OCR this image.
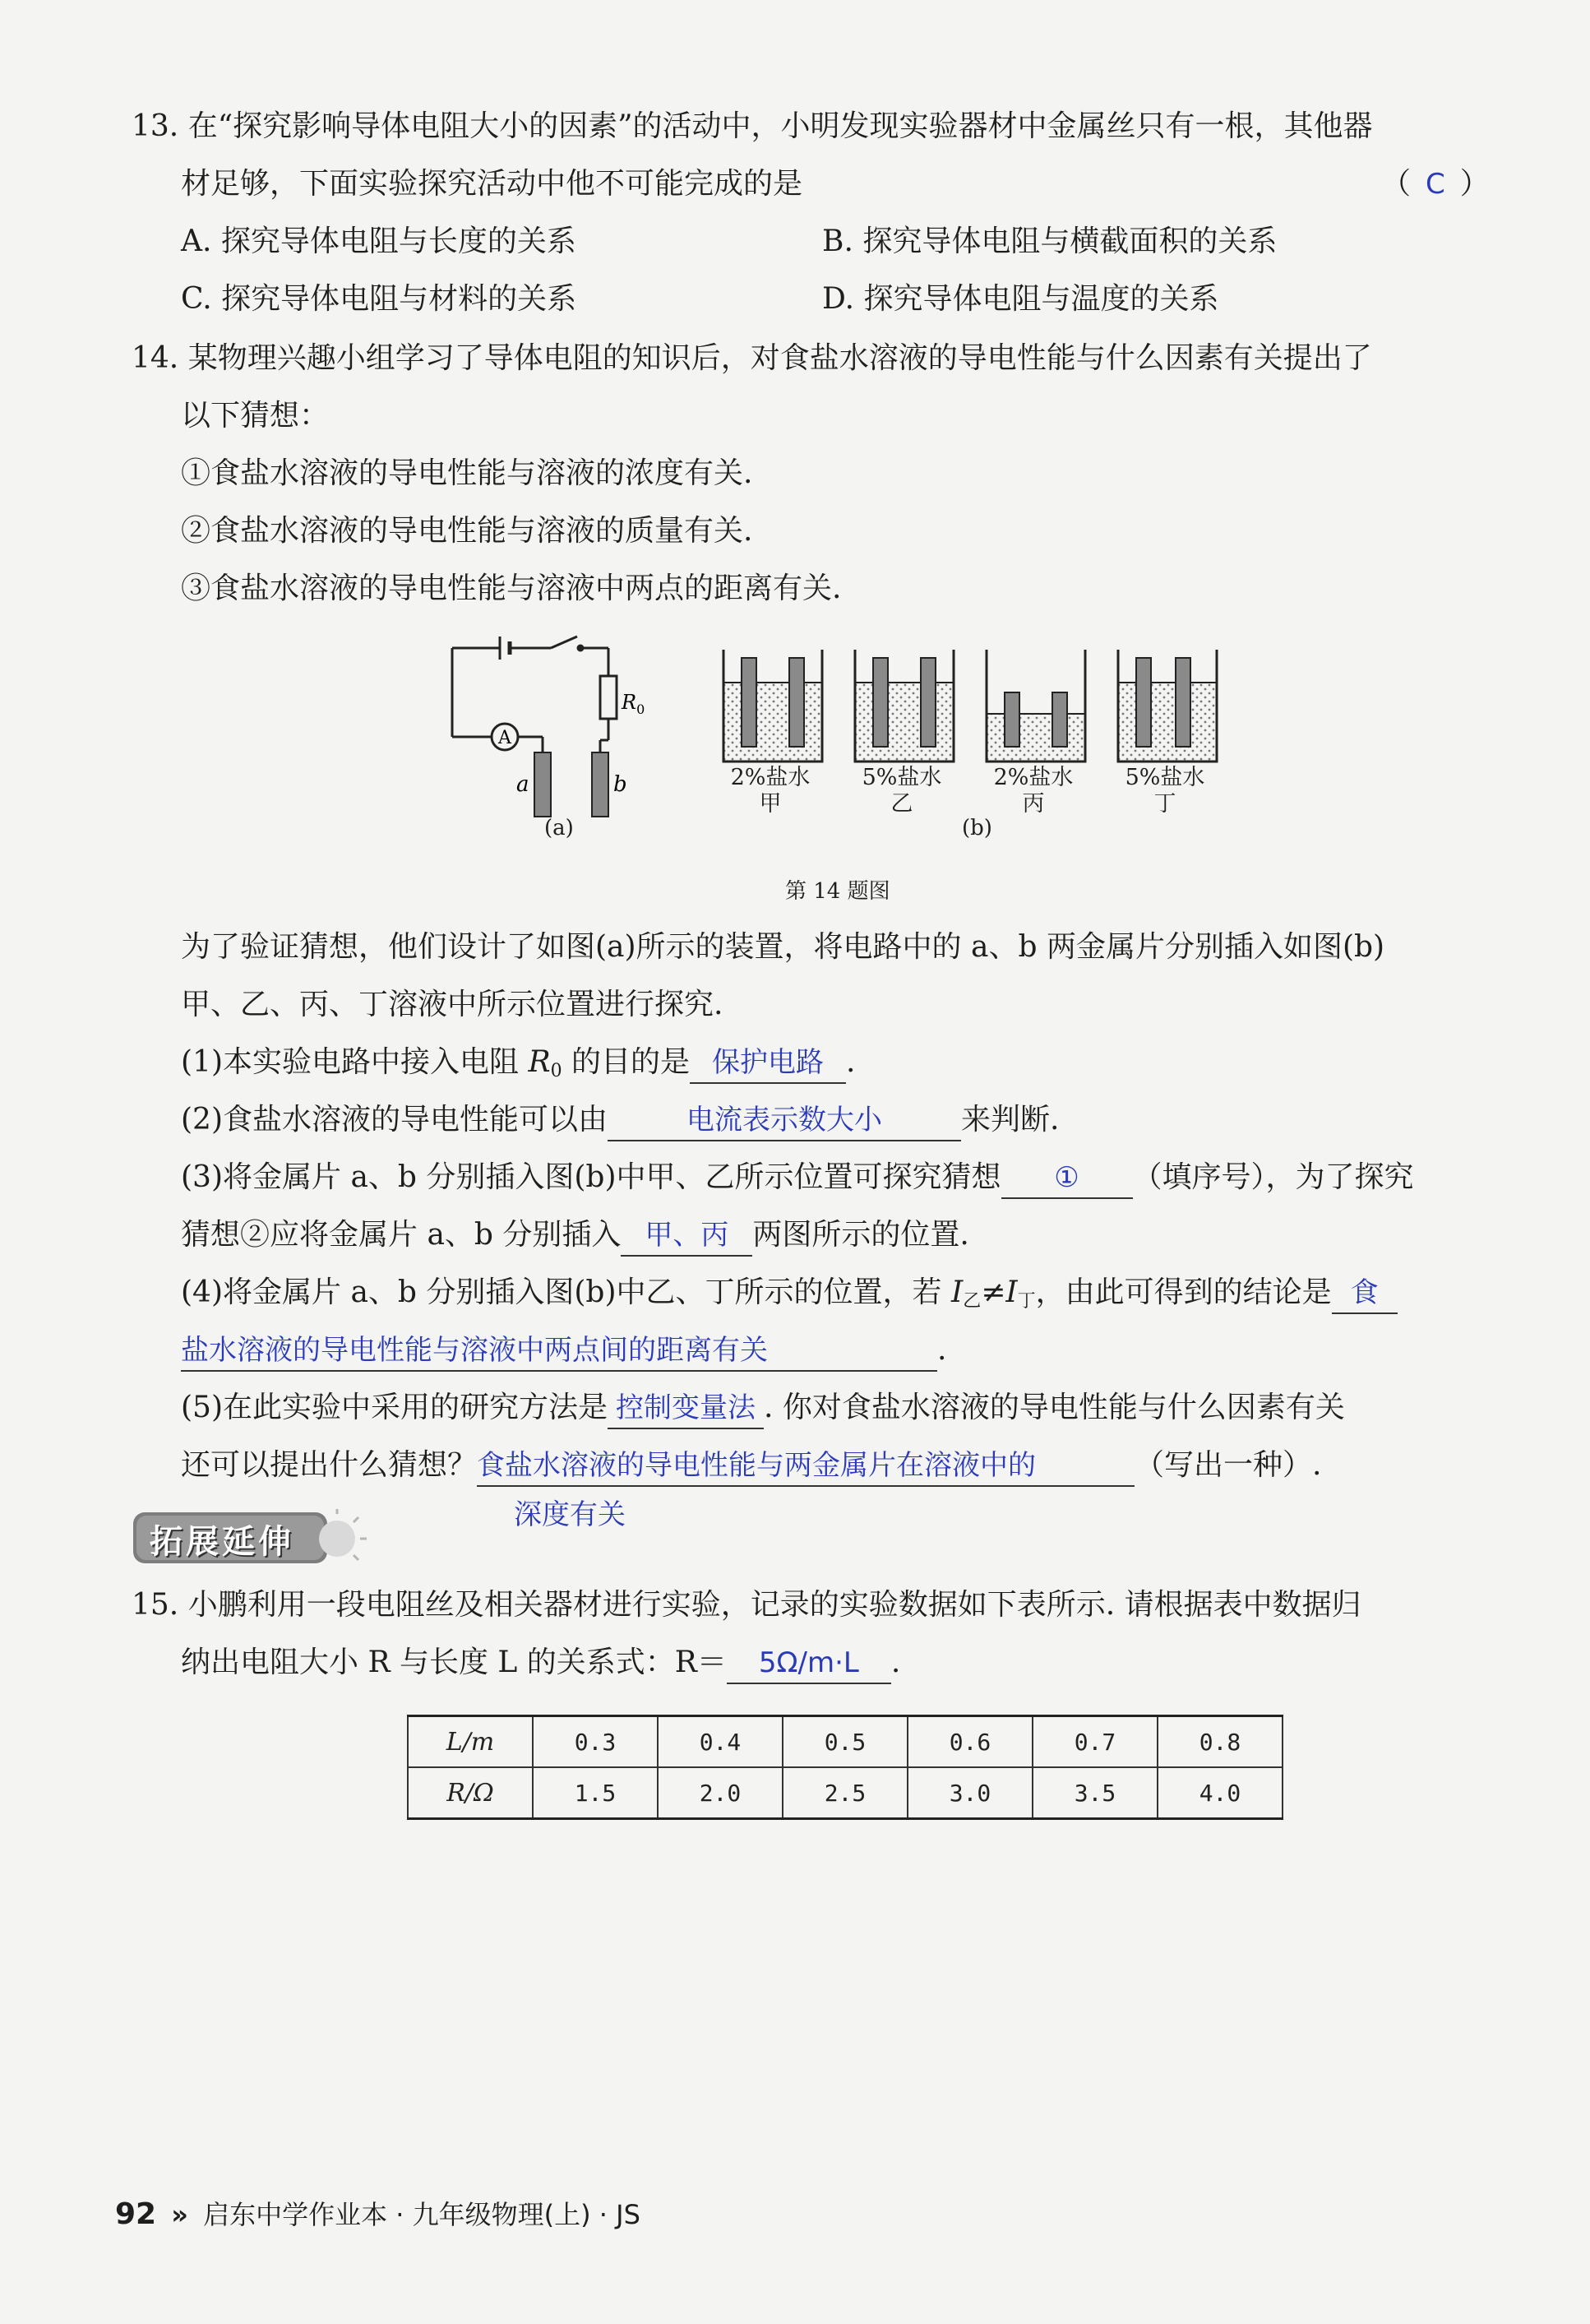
13. 在“探究影响导体电阻大小的因素”的活动中，小明发现实验器材中金属丝只有一根，其他器
材足够，下面实验探究活动中他不可能完成的是	（ C ）
A. 探究导体电阻与长度的关系	B. 探究导体电阻与横截面积的关系
C. 探究导体电阻与材料的关系	D. 探究导体电阻与温度的关系
14. 某物理兴趣小组学习了导体电阻的知识后，对食盐水溶液的导电性能与什么因素有关提出了
以下猜想：
①食盐水溶液的导电性能与溶液的浓度有关.
②食盐水溶液的导电性能与溶液的质量有关.
③食盐水溶液的导电性能与溶液中两点的距离有关.
A
$R_0$
a	b
(a)
2%盐水
甲
5%盐水
乙
2%盐水
丙
5%盐水
丁
(b)
第 14 题图
为了验证猜想，他们设计了如图(a)所示的装置，将电路中的 a、b 两金属片分别插入如图(b)
甲、乙、丙、丁溶液中所示位置进行探究.
(1)本实验电路中接入电阻 $R_0$ 的目的是 保护电路 .
(2)食盐水溶液的导电性能可以由	电流表示数大小	来判断.
(3)将金属片 a、b 分别插入图(b)中甲、乙所示位置可探究猜想 ① （填序号），为了探究
猜想②应将金属片 a、b 分别插入 甲、丙 两图所示的位置.
(4)将金属片 a、b 分别插入图(b)中乙、丁所示的位置，若 $I_乙\ne I_丁$，由此可得到的结论是 食
盐水溶液的导电性能与溶液中两点间的距离有关	.
(5)在此实验中采用的研究方法是 控制变量法 . 你对食盐水溶液的导电性能与什么因素有关
还可以提出什么猜想？食盐水溶液的导电性能与两金属片在溶液中的	（写出一种）.
深度有关
拓展延伸
15. 小鹏利用一段电阻丝及相关器材进行实验，记录的实验数据如下表所示. 请根据表中数据归
纳出电阻大小 R 与长度 L 的关系式：R＝ 5Ω/m·L .
L/m	0.3	0.4	0.5	0.6	0.7	0.8
R/Ω	1.5	2.0	2.5	3.0	3.5	4.0
92 » 启东中学作业本 · 九年级物理(上) · JS
